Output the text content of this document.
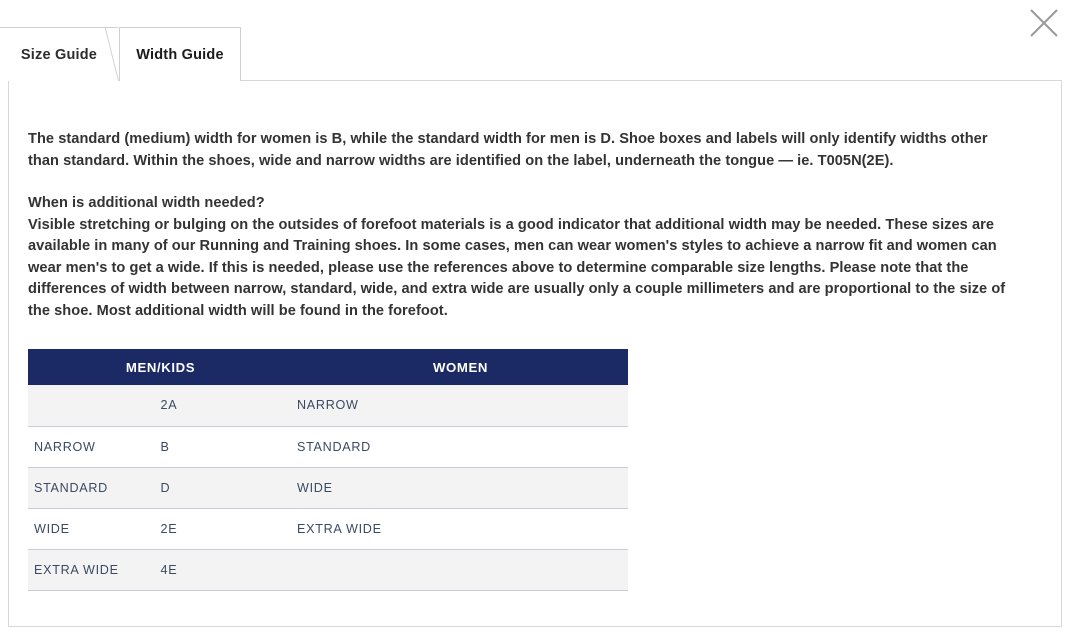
Size Guide	Width Guide

The standard (medium) width for women is B, while the standard width for men is D. Shoe boxes and labels will only identify widths other than standard. Within the shoes, wide and narrow widths are identified on the label, underneath the tongue — ie. T005N(2E).

When is additional width needed?
Visible stretching or bulging on the outsides of forefoot materials is a good indicator that additional width may be needed. These sizes are available in many of our Running and Training shoes. In some cases, men can wear women's styles to achieve a narrow fit and women can wear men's to get a wide. If this is needed, please use the references above to determine comparable size lengths. Please note that the differences of width between narrow, standard, wide, and extra wide are usually only a couple millimeters and are proportional to the size of the shoe. Most additional width will be found in the forefoot.

MEN/KIDS		WOMEN
	2A	NARROW
NARROW	B	STANDARD
STANDARD	D	WIDE
WIDE	2E	EXTRA WIDE
EXTRA WIDE	4E	
